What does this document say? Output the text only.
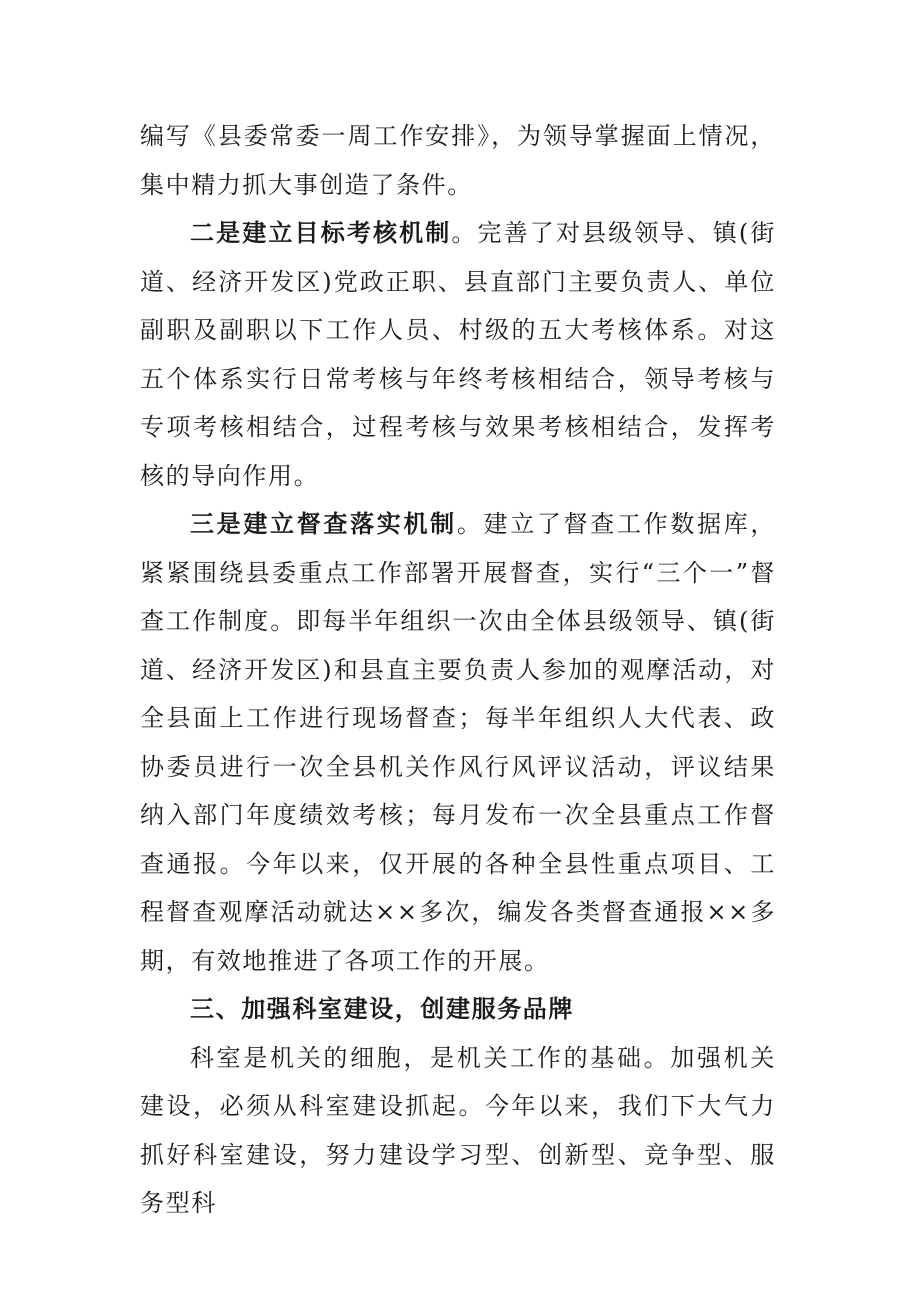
编写《县委常委一周工作安排》，为领导掌握面上情况，集中精力抓大事创造了条件。

二是建立目标考核机制。完善了对县级领导、镇(街道、经济开发区)党政正职、县直部门主要负责人、单位副职及副职以下工作人员、村级的五大考核体系。对这五个体系实行日常考核与年终考核相结合，领导考核与专项考核相结合，过程考核与效果考核相结合，发挥考核的导向作用。

三是建立督查落实机制。建立了督查工作数据库，紧紧围绕县委重点工作部署开展督查，实行“三个一”督查工作制度。即每半年组织一次由全体县级领导、镇(街道、经济开发区)和县直主要负责人参加的观摩活动，对全县面上工作进行现场督查；每半年组织人大代表、政协委员进行一次全县机关作风行风评议活动，评议结果纳入部门年度绩效考核；每月发布一次全县重点工作督查通报。今年以来，仅开展的各种全县性重点项目、工程督查观摩活动就达××多次，编发各类督查通报××多期，有效地推进了各项工作的开展。

三、加强科室建设，创建服务品牌

科室是机关的细胞，是机关工作的基础。加强机关建设，必须从科室建设抓起。今年以来，我们下大气力抓好科室建设，努力建设学习型、创新型、竞争型、服务型科
